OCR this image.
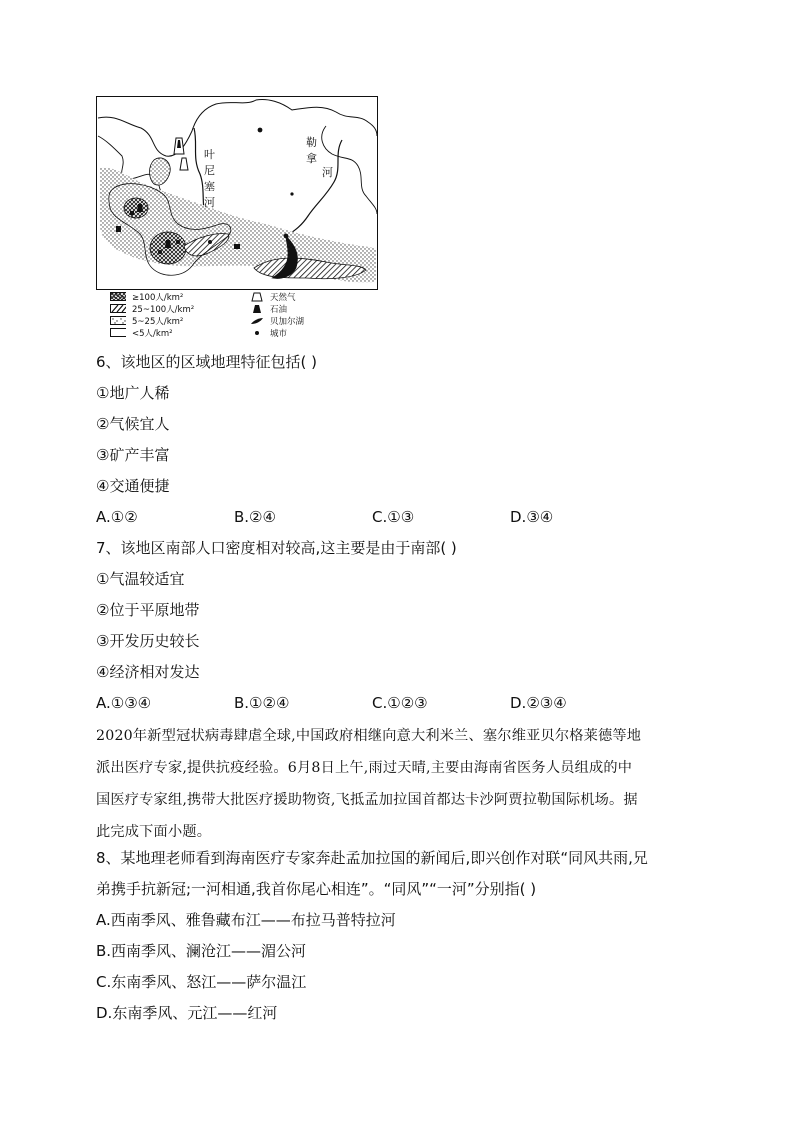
叶
尼
塞
河
勒
拿
河
≥100人/km²
25~100人/km²
5~25人/km²
<5人/km²
天然气
石油
贝加尔湖
城市
6、该地区的区域地理特征包括( )
①地广人稀
②气候宜人
③矿产丰富
④交通便捷
A.①②	B.②④	C.①③	D.③④
7、该地区南部人口密度相对较高,这主要是由于南部( )
①气温较适宜
②位于平原地带
③开发历史较长
④经济相对发达
A.①③④	B.①②④	C.①②③	D.②③④
2020年新型冠状病毒肆虐全球,中国政府相继向意大利米兰、塞尔维亚贝尔格莱德等地
派出医疗专家,提供抗疫经验。6月8日上午,雨过天晴,主要由海南省医务人员组成的中
国医疗专家组,携带大批医疗援助物资,飞抵孟加拉国首都达卡沙阿贾拉勒国际机场。据
此完成下面小题。
8、某地理老师看到海南医疗专家奔赴孟加拉国的新闻后,即兴创作对联“同风共雨,兄
弟携手抗新冠;一河相通,我首你尾心相连”。“同风”“一河”分别指( )
A.西南季风、雅鲁藏布江——布拉马普特拉河
B.西南季风、澜沧江——湄公河
C.东南季风、怒江——萨尔温江
D.东南季风、元江——红河
